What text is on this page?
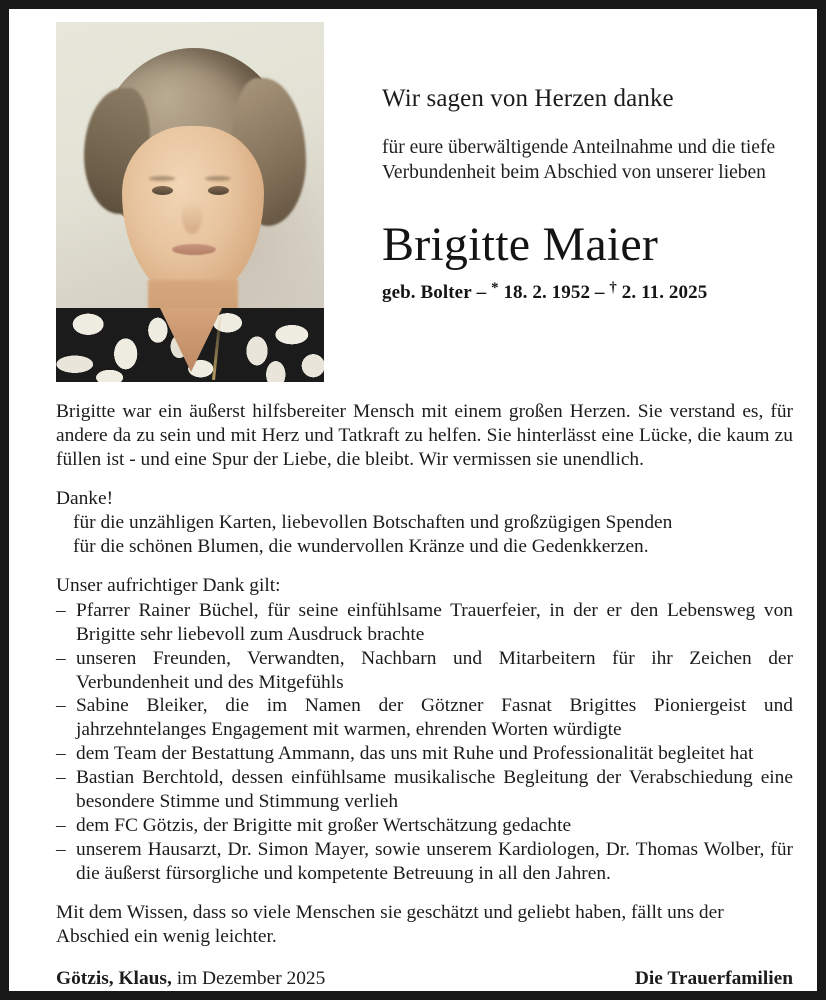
Wir sagen von Herzen danke
für eure überwältigende Anteilnahme und die tiefe Verbundenheit beim Abschied von unserer lieben
Brigitte Maier
geb. Bolter – * 18. 2. 1952 – † 2. 11. 2025

Brigitte war ein äußerst hilfsbereiter Mensch mit einem großen Herzen. Sie verstand es, für andere da zu sein und mit Herz und Tatkraft zu helfen. Sie hinterlässt eine Lücke, die kaum zu füllen ist - und eine Spur der Liebe, die bleibt. Wir vermissen sie unendlich.

Danke!
für die unzähligen Karten, liebevollen Botschaften und großzügigen Spenden
für die schönen Blumen, die wundervollen Kränze und die Gedenkkerzen.
Unser aufrichtiger Dank gilt:
– Pfarrer Rainer Büchel, für seine einfühlsame Trauerfeier, in der er den Lebensweg von Brigitte sehr liebevoll zum Ausdruck brachte
– unseren Freunden, Verwandten, Nachbarn und Mitarbeitern für ihr Zeichen der Verbundenheit und des Mitgefühls
– Sabine Bleiker, die im Namen der Götzner Fasnat Brigittes Pioniergeist und jahrzehntelanges Engagement mit warmen, ehrenden Worten würdigte
– dem Team der Bestattung Ammann, das uns mit Ruhe und Professionalität begleitet hat
– Bastian Berchtold, dessen einfühlsame musikalische Begleitung der Verabschiedung eine besondere Stimme und Stimmung verlieh
– dem FC Götzis, der Brigitte mit großer Wertschätzung gedachte
– unserem Hausarzt, Dr. Simon Mayer, sowie unserem Kardiologen, Dr. Thomas Wolber, für die äußerst fürsorgliche und kompetente Betreuung in all den Jahren.

Mit dem Wissen, dass so viele Menschen sie geschätzt und geliebt haben, fällt uns der Abschied ein wenig leichter.

Götzis, Klaus, im Dezember 2025	Die Trauerfamilien
